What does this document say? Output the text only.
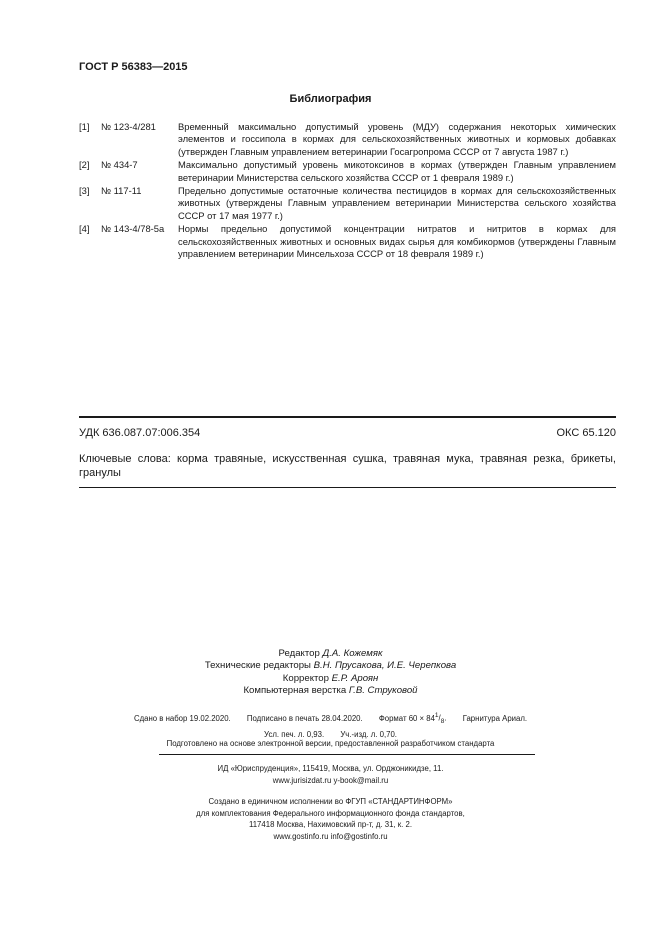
ГОСТ Р 56383—2015
Библиография
[1] № 123-4/281 Временный максимально допустимый уровень (МДУ) содержания некоторых химических элементов и госсипола в кормах для сельскохозяйственных животных и кормовых добавках (утвержден Главным управлением ветеринарии Госагропрома СССР от 7 августа 1987 г.)
[2] № 434-7	Максимально допустимый уровень микотоксинов в кормах (утвержден Главным управлением ветеринарии Министерства сельского хозяйства СССР от 1 февраля 1989 г.)
[3] № 117-11	Предельно допустимые остаточные количества пестицидов в кормах для сельскохозяйственных животных (утверждены Главным управлением ветеринарии Министерства сельского хозяйства СССР от 17 мая 1977 г.)
[4] № 143-4/78-5а Нормы предельно допустимой концентрации нитратов и нитритов в кормах для сельскохозяйственных животных и основных видах сырья для комбикормов (утверждены Главным управлением ветеринарии Минсельхоза СССР от 18 февраля 1989 г.)
УДК 636.087.07:006.354	ОКС 65.120
Ключевые слова: корма травяные, искусственная сушка, травяная мука, травяная резка, брикеты, гранулы
Редактор Д.А. Кожемяк
Технические редакторы В.Н. Прусакова, И.Е. Черепкова
Корректор Е.Р. Ароян
Компьютерная верстка Г.В. Струковой
Сдано в набор 19.02.2020. Подписано в печать 28.04.2020. Формат $60 \times 84^1/_8$. Гарнитура Ариал.
Усл. печ. л. 0,93. Уч.-изд. л. 0,70.
Подготовлено на основе электронной версии, предоставленной разработчиком стандарта
ИД «Юриспруденция», 115419, Москва, ул. Орджоникидзе, 11.
www.jurisizdat.ru y-book@mail.ru
Создано в единичном исполнении во ФГУП «СТАНДАРТИНФОРМ»
для комплектования Федерального информационного фонда стандартов,
117418 Москва, Нахимовский пр-т, д. 31, к. 2.
www.gostinfo.ru info@gostinfo.ru
